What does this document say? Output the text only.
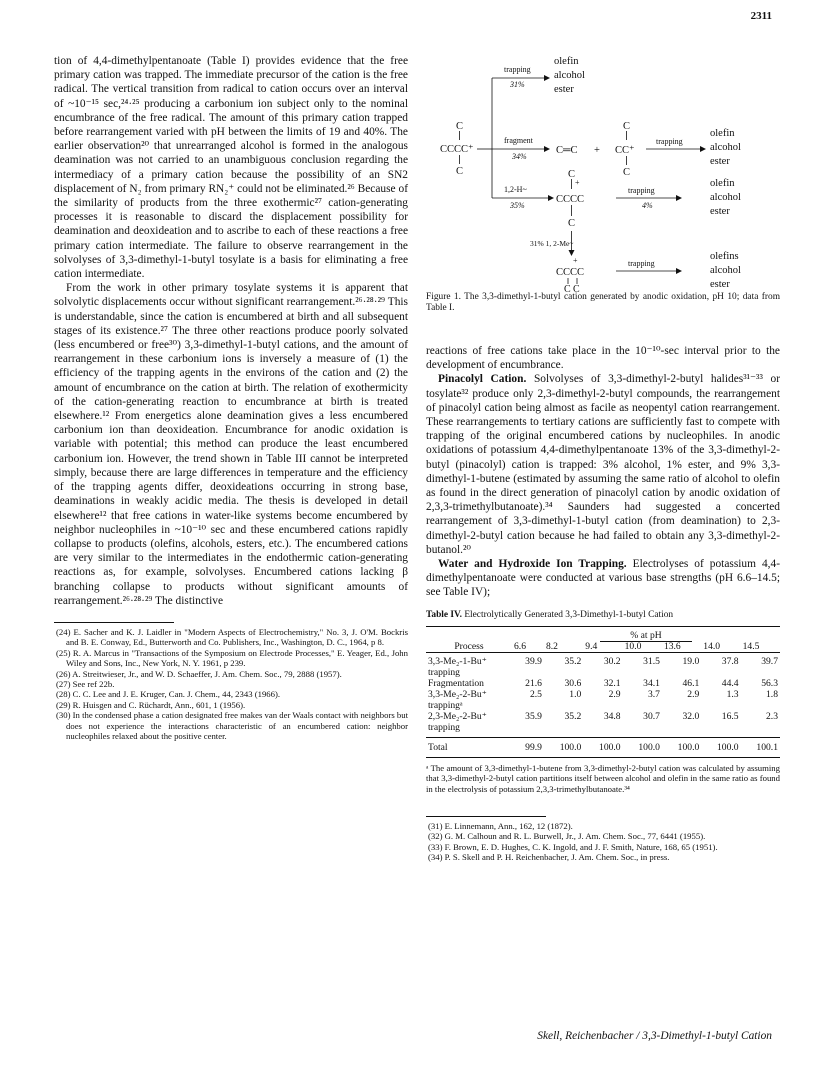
2311

tion of 4,4-dimethylpentanoate (Table I) provides evidence that the free primary cation was trapped. The immediate precursor of the cation is the free radical. The vertical transition from radical to cation occurs over an interval of ~10⁻¹⁵ sec,²⁴·²⁵ producing a carbonium ion subject only to the nominal encumbrance of the free radical. The amount of this primary cation trapped before rearrangement varied with pH between the limits of 19 and 40%. The earlier observation²⁰ that unrearranged alcohol is formed in the analogous deamination was not carried to an unambiguous conclusion regarding the intermediacy of a primary cation because the possibility of an SN2 displacement of N₂ from primary RN₂⁺ could not be eliminated.²⁶ Because of the similarity of products from the three exothermic²⁷ cation-generating processes it is reasonable to discard the displacement possibility for deamination and deoxideation and to ascribe to each of these reactions a free primary cation intermediate. The failure to observe rearrangement in the solvolyses of 3,3-dimethyl-1-butyl tosylate is a basis for eliminating a free cation intermediate.

From the work in other primary tosylate systems it is apparent that solvolytic displacements occur without significant rearrangement.²⁶·²⁸·²⁹ This is understandable, since the cation is encumbered at birth and all subsequent stages of its existence.²⁷ The three other reactions produce poorly solvated (less encumbered or free³⁰) 3,3-dimethyl-1-butyl cations, and the amount of rearrangement in these carbonium ions is inversely a measure of (1) the efficiency of the trapping agents in the environs of the cation and (2) the amount of encumbrance on the cation at birth. The relation of exothermicity of the cation-generating reaction to encumbrance at birth is treated elsewhere.¹² From energetics alone deamination gives a less encumbered carbonium ion than deoxideation. Encumbrance for anodic oxidation is variable with potential; this method can produce the least encumbered carbonium ion. However, the trend shown in Table III cannot be interpreted simply, because there are large differences in temperature and the efficiency of the trapping agents differ, deoxideations occurring in strong base, deaminations in weakly acidic media. The thesis is developed in detail elsewhere¹² that free cations in water-like systems become encumbered by neighbor nucleophiles in ~10⁻¹⁰ sec and these encumbered cations rapidly collapse to products (olefins, alcohols, esters, etc.). The encumbered cations are very similar to the intermediates in the endothermic cation-generating reactions as, for example, solvolyses. Encumbered cations lacking β branching collapse to products without significant amounts of rearrangement.²⁶·²⁸·²⁹ The distinctive

(24) E. Sacher and K. J. Laidler in "Modern Aspects of Electrochemistry," No. 3, J. O'M. Bockris and B. E. Conway, Ed., Butterworth and Co. Publishers, Inc., Washington, D. C., 1964, p 8.
(25) R. A. Marcus in "Transactions of the Symposium on Electrode Processes," E. Yeager, Ed., John Wiley and Sons, Inc., New York, N. Y. 1961, p 239.
(26) A. Streitwieser, Jr., and W. D. Schaeffer, J. Am. Chem. Soc., 79, 2888 (1957).
(27) See ref 22b.
(28) C. C. Lee and J. E. Kruger, Can. J. Chem., 44, 2343 (1966).
(29) R. Huisgen and C. Rüchardt, Ann., 601, 1 (1956).
(30) In the condensed phase a cation designated free makes van der Waals contact with neighbors but does not experience the interactions characteristic of an encumbered cation: neighbor nucleophiles relaxed about the positive center.
C
CCCC⁺
C
trapping
31%
olefin
alcohol
ester
fragment
34%
C═C +
C
CC⁺
C
trapping
olefin
alcohol
ester
1,2-H~
35%
C
+
CCCC
C
trapping
4%
olefin
alcohol
ester
31% 1, 2-Me~
+
CCCC
C C
trapping
olefins
alcohol
ester
Figure 1. The 3,3-dimethyl-1-butyl cation generated by anodic oxidation, pH 10; data from Table I.

reactions of free cations take place in the 10⁻¹⁰-sec interval prior to the development of encumbrance.

Pinacolyl Cation. Solvolyses of 3,3-dimethyl-2-butyl halides³¹⁻³³ or tosylate³² produce only 2,3-dimethyl-2-butyl compounds, the rearrangement of pinacolyl cation being almost as facile as neopentyl cation rearrangement. These rearrangements to tertiary cations are sufficiently fast to compete with trapping of the original encumbered cations by nucleophiles. In anodic oxidations of potassium 4,4-dimethylpentanoate 13% of the 3,3-dimethyl-2-butyl (pinacolyl) cation is trapped: 3% alcohol, 1% ester, and 9% 3,3-dimethyl-1-butene (estimated by assuming the same ratio of alcohol to olefin as found in the direct generation of pinacolyl cation by anodic oxidation of 2,3,3-trimethylbutanoate).³⁴ Saunders had suggested a concerted rearrangement of 3,3-dimethyl-1-butyl cation (from deamination) to 2,3-dimethyl-2-butyl cation because he had failed to obtain any 3,3-dimethyl-2-butanol.²⁰

Water and Hydroxide Ion Trapping. Electrolyses of potassium 4,4-dimethylpentanoate were conducted at various base strengths (pH 6.6–14.5; see Table IV);

Table IV. Electrolytically Generated 3,3-Dimethyl-1-butyl Cation
	% at pH						
Process	6.6	8.2	9.4	10.0	13.6	14.0	14.5
3,3-Me₂-1-Bu⁺ trapping	39.9	35.2	30.2	31.5	19.0	37.8	39.7
Fragmentation	21.6	30.6	32.1	34.1	46.1	44.4	56.3
3,3-Me₂-2-Bu⁺ trappingᵃ	2.5	1.0	2.9	3.7	2.9	1.3	1.8
2,3-Me₂-2-Bu⁺ trapping	35.9	35.2	34.8	30.7	32.0	16.5	2.3
Total	99.9	100.0	100.0	100.0	100.0	100.0	100.1
ᵃ The amount of 3,3-dimethyl-1-butene from 3,3-dimethyl-2-butyl cation was calculated by assuming that 3,3-dimethyl-2-butyl cation partitions itself between alcohol and olefin in the same ratio as found in the electrolysis of potassium 2,3,3-trimethylbutanoate.³⁴
(31) E. Linnemann, Ann., 162, 12 (1872).
(32) G. M. Calhoun and R. L. Burwell, Jr., J. Am. Chem. Soc., 77, 6441 (1955).
(33) F. Brown, E. D. Hughes, C. K. Ingold, and J. F. Smith, Nature, 168, 65 (1951).
(34) P. S. Skell and P. H. Reichenbacher, J. Am. Chem. Soc., in press.
Skell, Reichenbacher / 3,3-Dimethyl-1-butyl Cation
